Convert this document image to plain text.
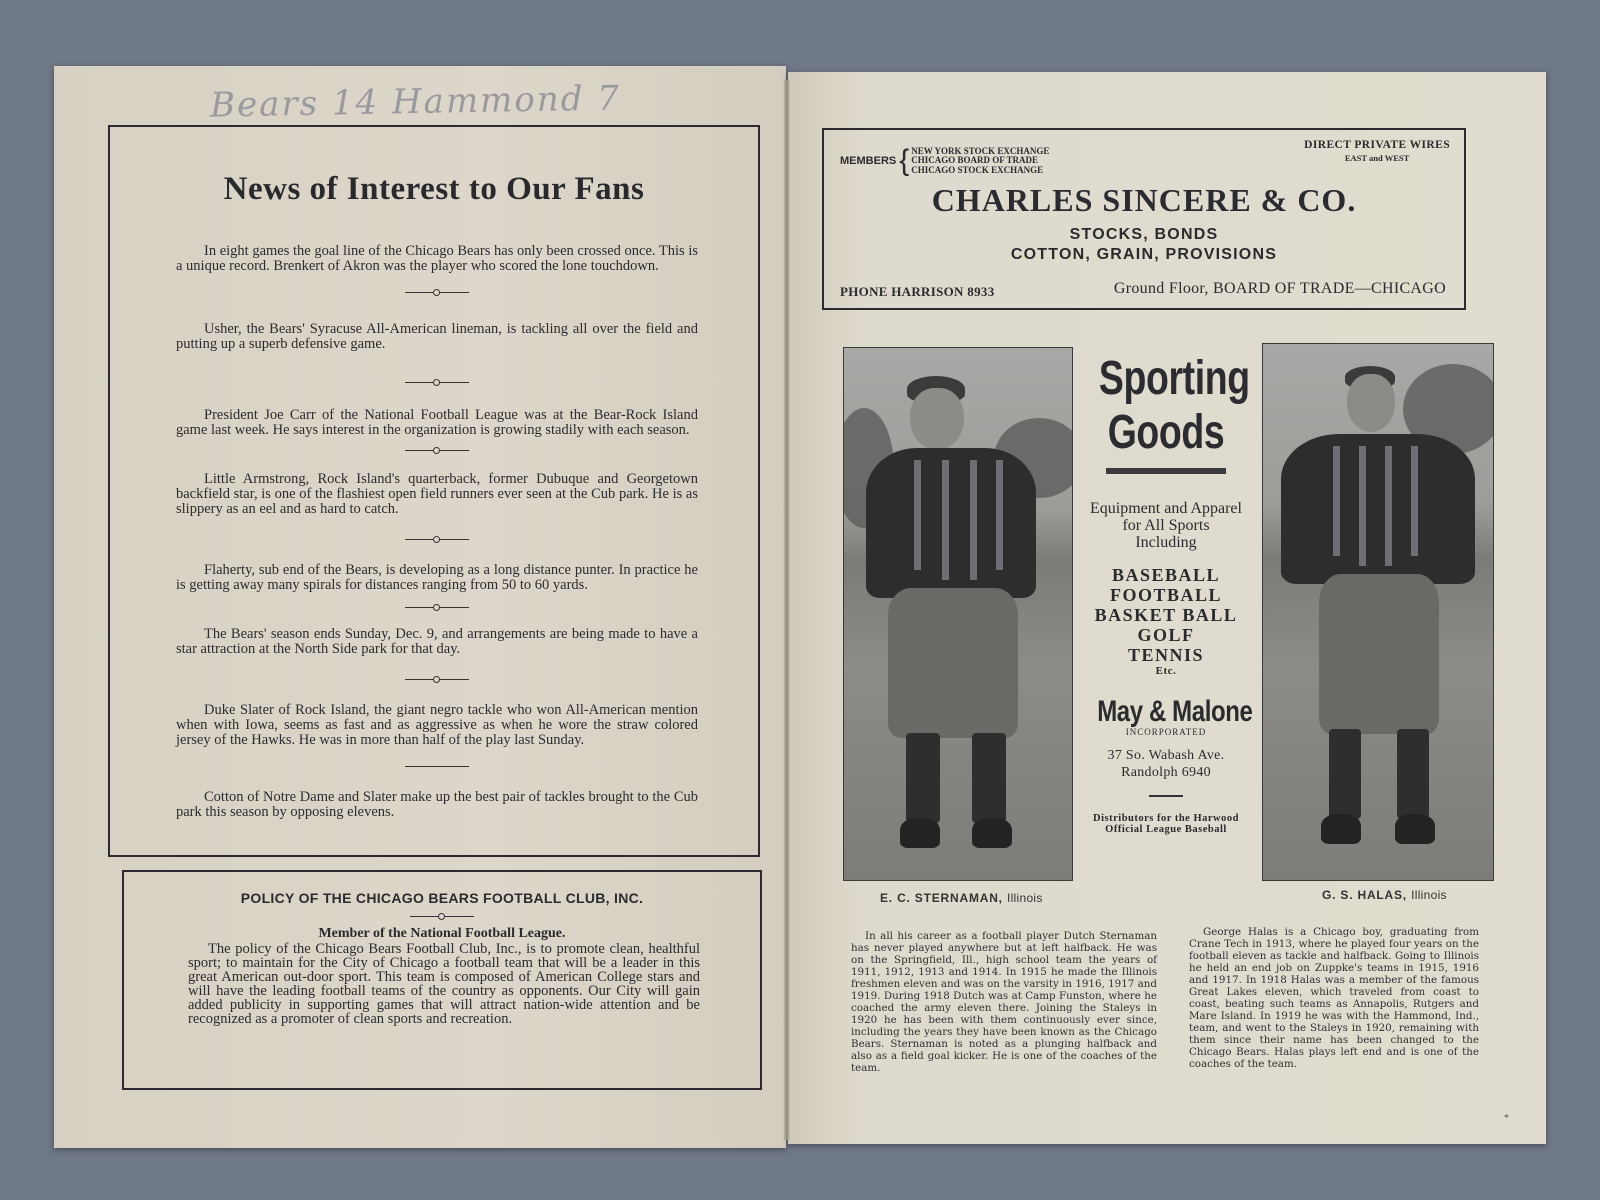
Bears 14 Hammond 7
News of Interest to Our Fans
In eight games the goal line of the Chicago Bears has only been crossed once. This is a unique record. Brenkert of Akron was the player who scored the lone touchdown.
Usher, the Bears' Syracuse All-American lineman, is tackling all over the field and putting up a superb defensive game.
President Joe Carr of the National Football League was at the Bear-Rock Island game last week. He says interest in the organization is growing stadily with each season.
Little Armstrong, Rock Island's quarterback, former Dubuque and Georgetown backfield star, is one of the flashiest open field runners ever seen at the Cub park. He is as slippery as an eel and as hard to catch.
Flaherty, sub end of the Bears, is developing as a long distance punter. In practice he is getting away many spirals for distances ranging from 50 to 60 yards.
The Bears' season ends Sunday, Dec. 9, and arrangements are being made to have a star attraction at the North Side park for that day.
Duke Slater of Rock Island, the giant negro tackle who won All-American mention when with Iowa, seems as fast and as aggressive as when he wore the straw colored jersey of the Hawks. He was in more than half of the play last Sunday.
Cotton of Notre Dame and Slater make up the best pair of tackles brought to the Cub park this season by opposing elevens.
POLICY OF THE CHICAGO BEARS FOOTBALL CLUB, INC.
Member of the National Football League.
The policy of the Chicago Bears Football Club, Inc., is to promote clean, healthful sport; to maintain for the City of Chicago a football team that will be a leader in this great American out-door sport. This team is composed of American College stars and will have the leading football teams of the country as opponents. Our City will gain added publicity in supporting games that will attract nation-wide attention and be recognized as a promoter of clean sports and recreation.
MEMBERS { NEW YORK STOCK EXCHANGE
CHICAGO BOARD OF TRADE
CHICAGO STOCK EXCHANGE
DIRECT PRIVATE WIRES
EAST and WEST
CHARLES SINCERE & CO.
STOCKS, BONDS
COTTON, GRAIN, PROVISIONS
PHONE HARRISON 8933	Ground Floor, BOARD OF TRADE—CHICAGO
E. C. STERNAMAN, Illinois	G. S. HALAS, Illinois
Sporting
Goods
Equipment and Apparel
for All Sports
Including
BASEBALL
FOOTBALL
BASKET BALL
GOLF
TENNIS
Etc.
May & Malone
INCORPORATED
37 So. Wabash Ave.
Randolph 6940
Distributors for the Harwood
Official League Baseball
In all his career as a football player Dutch Sternaman has never played anywhere but at left halfback. He was on the Springfield, Ill., high school team the years of 1911, 1912, 1913 and 1914. In 1915 he made the Illinois freshmen eleven and was on the varsity in 1916, 1917 and 1919. During 1918 Dutch was at Camp Funston, where he coached the army eleven there. Joining the Staleys in 1920 he has been with them continuously ever since, including the years they have been known as the Chicago Bears. Sternaman is noted as a plunging halfback and also as a field goal kicker. He is one of the coaches of the team.
George Halas is a Chicago boy, graduating from Crane Tech in 1913, where he played four years on the football eleven as tackle and halfback. Going to Illinois he held an end job on Zuppke's teams in 1915, 1916 and 1917. In 1918 Halas was a member of the famous Great Lakes eleven, which traveled from coast to coast, beating such teams as Annapolis, Rutgers and Mare Island. In 1919 he was with the Hammond, Ind., team, and went to the Staleys in 1920, remaining with them since their name has been changed to the Chicago Bears. Halas plays left end and is one of the coaches of the team.
*
